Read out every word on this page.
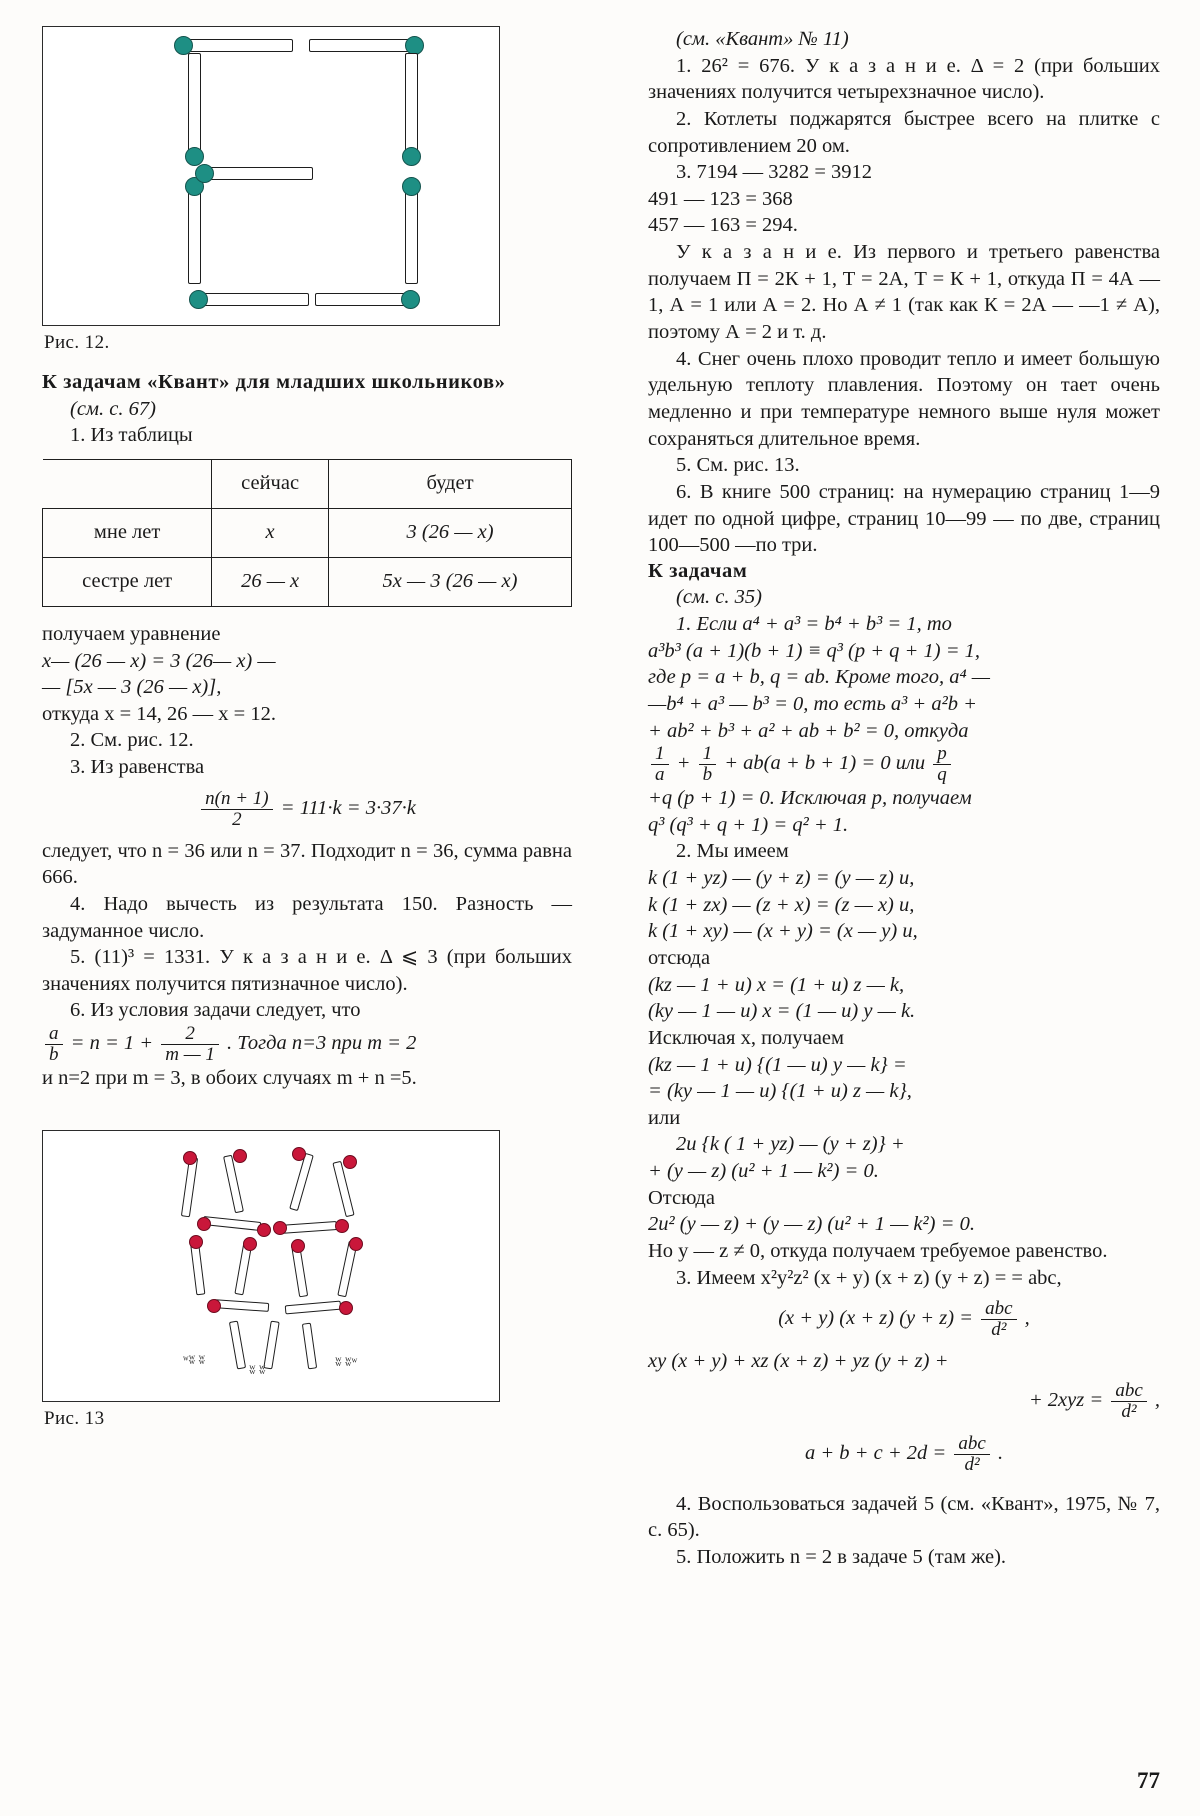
Рис. 12.
К задачам «Квант» для младших школьников»
(см. с. 67)
1. Из таблицы
	сейчас	будет
мне лет	x	3 (26 — x)
сестре лет	26 — x	5x — 3 (26 — x)
получаем уравнение
x— (26 — x) = 3 (26— x) —
— [5x — 3 (26 — x)],
откуда x = 14, 26 — x = 12.
2. См. рис. 12.
3. Из равенства
$\frac{n(n + 1)}{2} = 111\cdot k = 3\cdot 37\cdot k$
следует, что n = 36 или n = 37. Подходит n = 36, сумма равна 666.
4. Надо вычесть из результата 150. Разность — задуманное число.
5. (11)³ = 1331. У к а з а н и е. Δ ⩽ 3 (при больших значениях получится пятизначное число).
6. Из условия задачи следует, что
$\frac{a}{b} = n = 1 + \frac{2}{m — 1}$ . Тогда n=3 при m = 2
и n=2 при m = 3, в обоих случаях m + n =5.
ʷʬ ʬ
ʬ ʬ
ʬ ʬʷ
Рис. 13
(см. «Квант» № 11)
1. 26² = 676. У к а з а н и е. Δ = 2 (при больших значениях получится четырехзначное число).
2. Котлеты поджарятся быстрее всего на плитке с сопротивлением 20 ом.
3. 7194 — 3282 = 3912
491 — 123 = 368
457 — 163 = 294.
У к а з а н и е. Из первого и третьего равенства получаем П = 2К + 1, Т = 2А, Т = К + 1, откуда П = 4А — 1, А = 1 или А = 2. Но А ≠ 1 (так как К = 2А — —1 ≠ А), поэтому А = 2 и т. д.
4. Снег очень плохо проводит тепло и имеет большую удельную теплоту плавления. Поэтому он тает очень медленно и при температуре немного выше нуля может сохраняться длительное время.
5. См. рис. 13.
6. В книге 500 страниц: на нумерацию страниц 1—9 идет по одной цифре, страниц 10—99 — по две, страниц 100—500 —по три.
К задачам
(см. с. 35)
1. Если a⁴ + a³ = b⁴ + b³ = 1, то
a³b³ (a + 1)(b + 1) ≡ q³ (p + q + 1) = 1,
где p = a + b, q = ab. Кроме того, a⁴ —
—b⁴ + a³ — b³ = 0, то есть a³ + a²b +
+ ab² + b³ + a² + ab + b² = 0, откуда
$\frac{1}{a} + \frac{1}{b} + ab(a + b + 1) = 0$ или $\frac{p}{q}$
+q (p + 1) = 0. Исключая p, получаем
q³ (q³ + q + 1) = q² + 1.
2. Мы имеем
k (1 + yz) — (y + z) = (y — z) u,
k (1 + zx) — (z + x) = (z — x) u,
k (1 + xy) — (x + y) = (x — y) u,
отсюда
(kz — 1 + u) x = (1 + u) z — k,
(ky — 1 — u) x = (1 — u) y — k.
Исключая x, получаем
(kz — 1 + u) {(1 — u) y — k} =
= (ky — 1 — u) {(1 + u) z — k},
или
2u {k ( 1 + yz) — (y + z)} +
+ (y — z) (u² + 1 — k²) = 0.
Отсюда
2u² (y — z) + (y — z) (u² + 1 — k²) = 0.
Но y — z ≠ 0, откуда получаем требуемое равенство.
3. Имеем x²y²z² (x + y) (x + z) (y + z) = = abc,
(x + y) (x + z) $(y + z) = \frac{\text{abc}}{\text{d²}}$ ,
xy (x + y) + xz (x + z) + yz (y + z) +
+ $2xyz = \frac{\text{abc}}{\text{d²}}$ ,
$a + b + c + 2d = \frac{\text{abc}}{\text{d²}}$ .
4. Воспользоваться задачей 5 (см. «Квант», 1975, № 7, с. 65).
5. Положить n = 2 в задаче 5 (там же).
77
